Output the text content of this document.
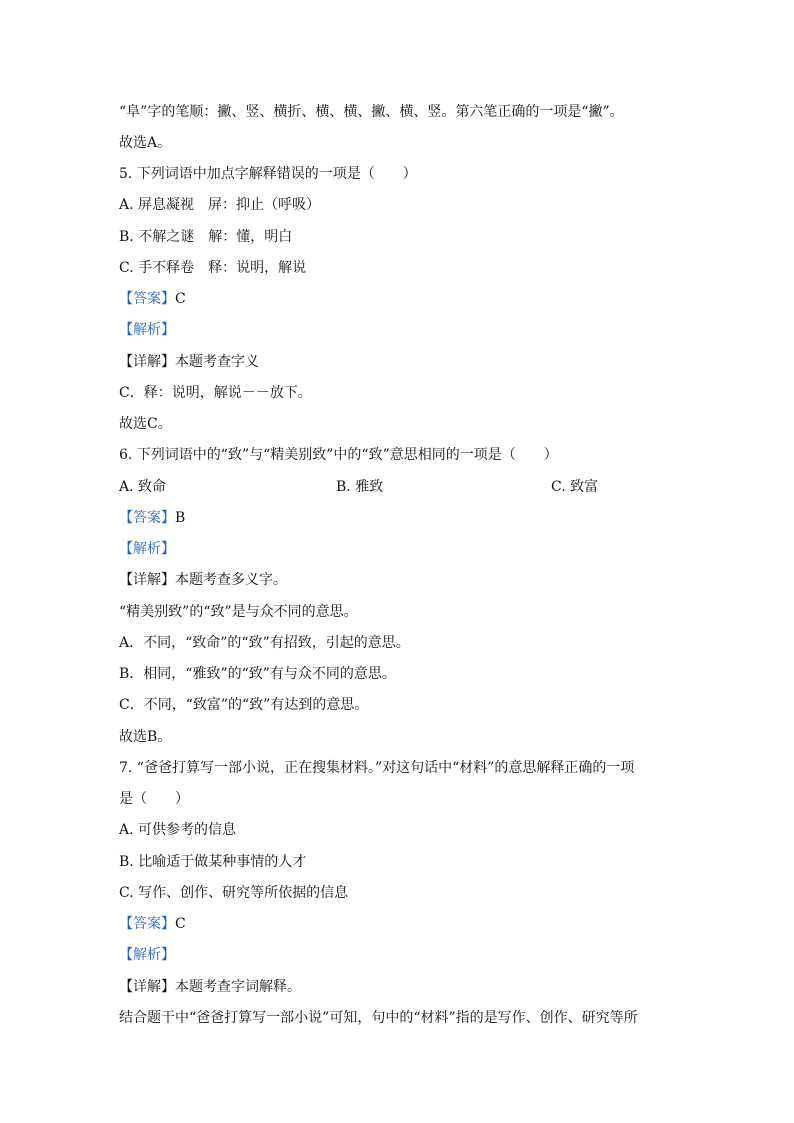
“阜”字的笔顺：撇、竖、横折、横、横、撇、横、竖。第六笔正确的一项是“撇”。
故选A。
5. 下列词语中加点字解释错误的一项是（　　）
A. 屏息凝视　屏：抑止（呼吸）
B. 不解之谜　解：懂，明白
C. 手不释卷　释：说明，解说
【答案】C
【解析】
【详解】本题考查字义
C．释：说明，解说－－放下。
故选C。
6. 下列词语中的“致”与“精美别致”中的“致”意思相同的一项是（　　）
A. 致命	B. 雅致	C. 致富
【答案】B
【解析】
【详解】本题考查多义字。
“精美别致”的“致”是与众不同的意思。
A．不同，“致命”的“致”有招致，引起的意思。
B．相同，“雅致”的“致”有与众不同的意思。
C．不同，“致富”的“致”有达到的意思。
故选B。
7. “爸爸打算写一部小说，正在搜集材料。”对这句话中“材料”的意思解释正确的一项
是（　　）
A. 可供参考的信息
B. 比喻适于做某种事情的人才
C. 写作、创作、研究等所依据的信息
【答案】C
【解析】
【详解】本题考查字词解释。
结合题干中“爸爸打算写一部小说”可知，句中的“材料”指的是写作、创作、研究等所
